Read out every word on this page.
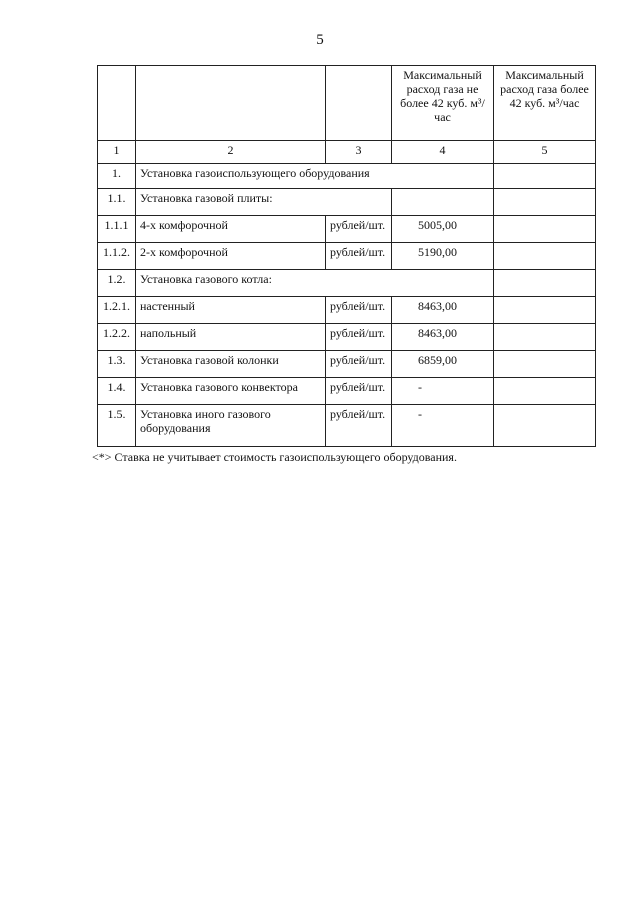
5
			Максимальный расход газа не более 42 куб. м³/час	Максимальный расход газа более 42 куб. м³/час
1	2	3	4	5
1.	Установка газоиспользующего оборудования			
1.1.	Установка газовой плиты:			
1.1.1	4-х комфорочной	рублей/шт.	5005,00	
1.1.2.	2-х комфорочной	рублей/шт.	5190,00	
1.2.	Установка газового котла:			
1.2.1.	настенный	рублей/шт.	8463,00	
1.2.2.	напольный	рублей/шт.	8463,00	
1.3.	Установка газовой колонки	рублей/шт.	6859,00	
1.4.	Установка газового конвектора	рублей/шт.	-	
1.5.	Установка иного газового оборудования	рублей/шт.	-	
<*> Ставка не учитывает стоимость газоиспользующего оборудования.
